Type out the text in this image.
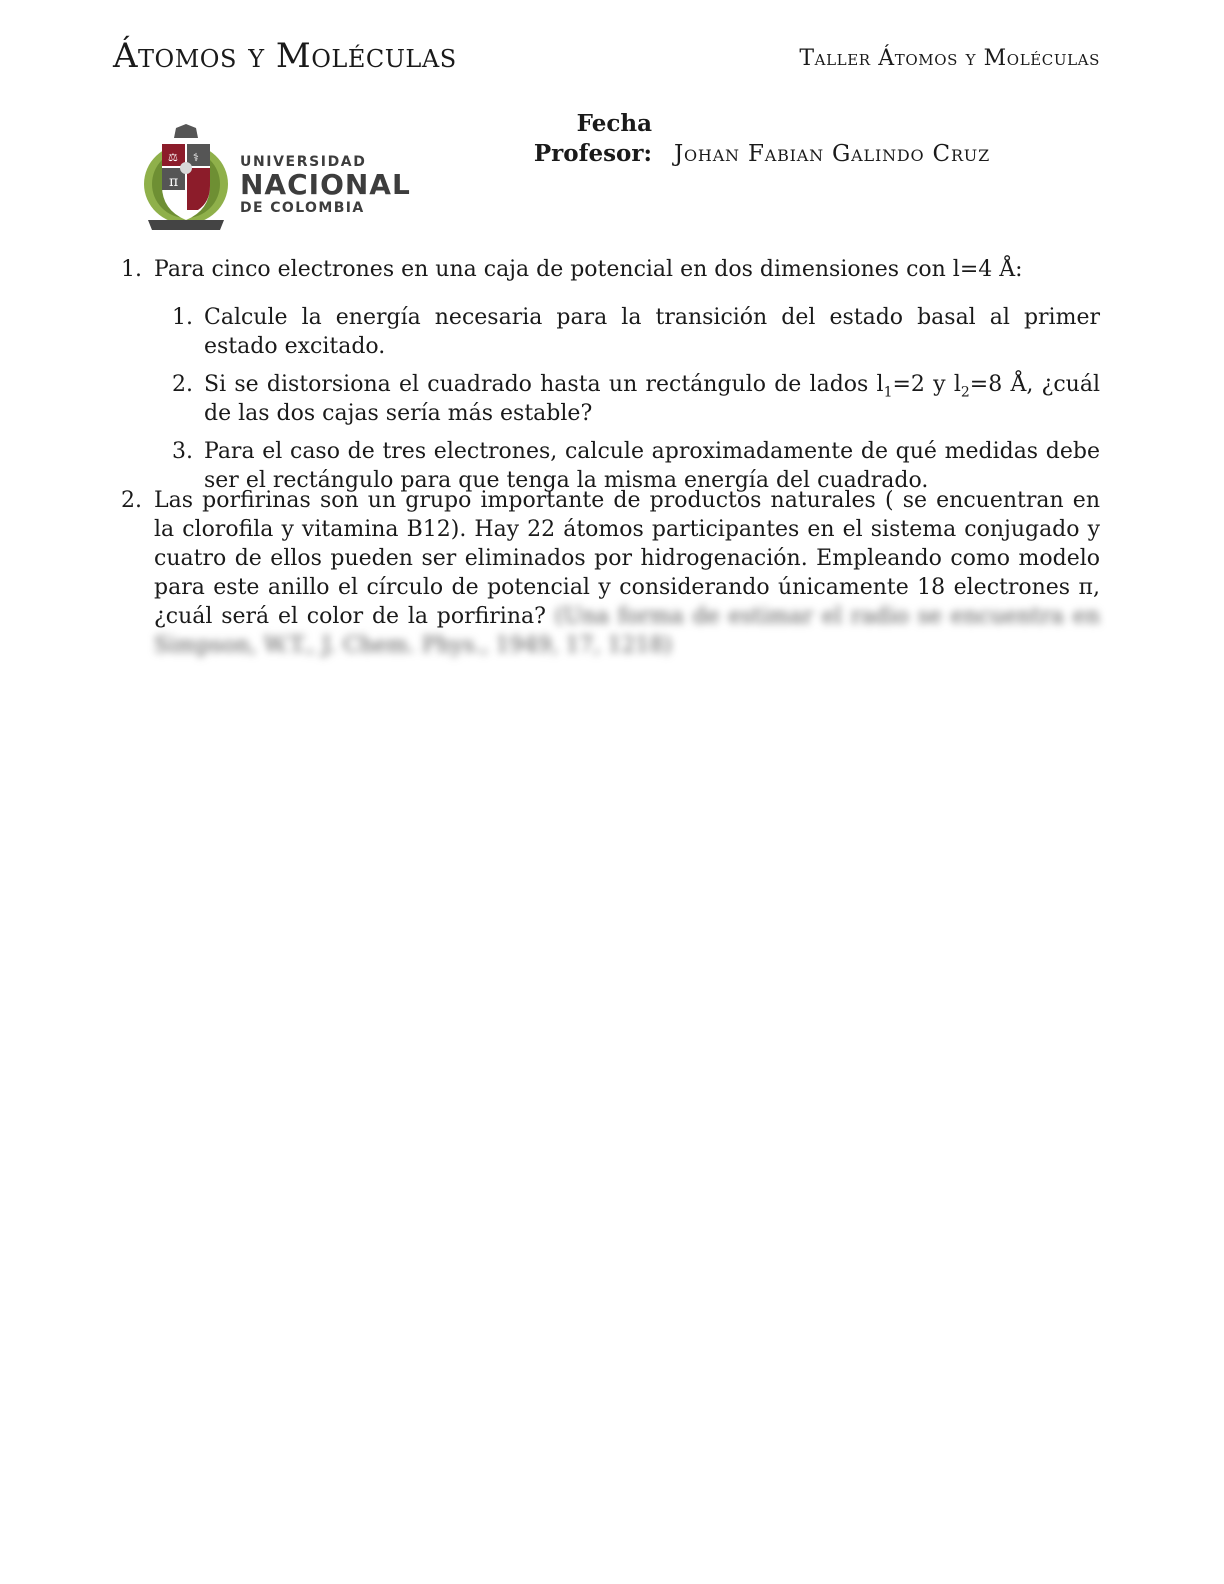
Átomos y Moléculas	Taller Átomos y Moléculas
π
⚖ ⚕	UNIVERSIDAD
NACIONAL
DE COLOMBIA
Fecha
Profesor: Johan Fabian Galindo Cruz
1. Para cinco electrones en una caja de potencial en dos dimensiones con l=4 Å:
1. Calcule la energía necesaria para la transición del estado basal al primer estado excitado.
2. Si se distorsiona el cuadrado hasta un rectángulo de lados $l_1=2$ y $l_2=8$ Å, ¿cuál de las dos cajas sería más estable?
3. Para el caso de tres electrones, calcule aproximadamente de qué medidas debe ser el rectángulo para que tenga la misma energía del cuadrado.
2. Las porfirinas son un grupo importante de productos naturales ( se encuentran en la clorofila y vitamina B12). Hay 22 átomos participantes en el sistema conjugado y cuatro de ellos pueden ser eliminados por hidrogenación. Empleando como modelo para este anillo el círculo de potencial y considerando únicamente 18 electrones π, ¿cuál será el color de la porfirina? (Una forma de estimar el radio se encuentra en Simpson, W.T., J. Chem. Phys., 1949, 17, 1218)
